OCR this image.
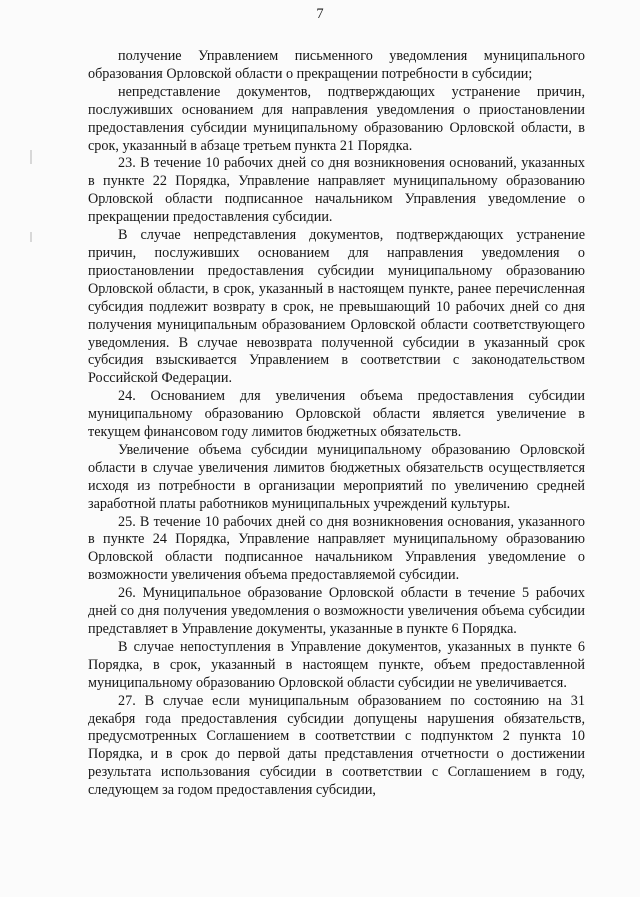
7

получение Управлением письменного уведомления муниципального образования Орловской области о прекращении потребности в субсидии;

непредставление документов, подтверждающих устранение причин, послуживших основанием для направления уведомления о приостановлении предоставления субсидии муниципальному образованию Орловской области, в срок, указанный в абзаце третьем пункта 21 Порядка.

23. В течение 10 рабочих дней со дня возникновения оснований, указанных в пункте 22 Порядка, Управление направляет муниципальному образованию Орловской области подписанное начальником Управления уведомление о прекращении предоставления субсидии.

В случае непредставления документов, подтверждающих устранение причин, послуживших основанием для направления уведомления о приостановлении предоставления субсидии муниципальному образованию Орловской области, в срок, указанный в настоящем пункте, ранее перечисленная субсидия подлежит возврату в срок, не превышающий 10 рабочих дней со дня получения муниципальным образованием Орловской области соответствующего уведомления. В случае невозврата полученной субсидии в указанный срок субсидия взыскивается Управлением в соответствии с законодательством Российской Федерации.

24. Основанием для увеличения объема предоставления субсидии муниципальному образованию Орловской области является увеличение в текущем финансовом году лимитов бюджетных обязательств.

Увеличение объема субсидии муниципальному образованию Орловской области в случае увеличения лимитов бюджетных обязательств осуществляется исходя из потребности в организации мероприятий по увеличению средней заработной платы работников муниципальных учреждений культуры.

25. В течение 10 рабочих дней со дня возникновения основания, указанного в пункте 24 Порядка, Управление направляет муниципальному образованию Орловской области подписанное начальником Управления уведомление о возможности увеличения объема предоставляемой субсидии.

26. Муниципальное образование Орловской области в течение 5 рабочих дней со дня получения уведомления о возможности увеличения объема субсидии представляет в Управление документы, указанные в пункте 6 Порядка.

В случае непоступления в Управление документов, указанных в пункте 6 Порядка, в срок, указанный в настоящем пункте, объем предоставленной муниципальному образованию Орловской области субсидии не увеличивается.

27. В случае если муниципальным образованием по состоянию на 31 декабря года предоставления субсидии допущены нарушения обязательств, предусмотренных Соглашением в соответствии с подпунктом 2 пункта 10 Порядка, и в срок до первой даты представления отчетности о достижении результата использования субсидии в соответствии с Соглашением в году, следующем за годом предоставления субсидии,
